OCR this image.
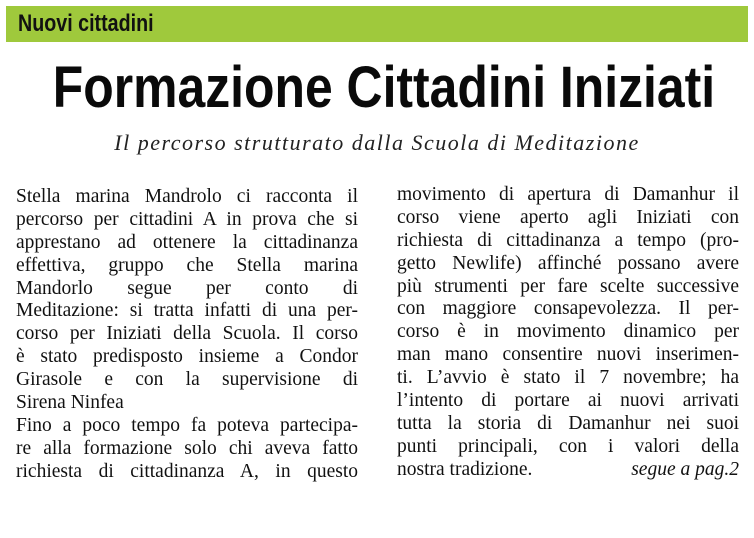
Nuovi cittadini
Formazione Cittadini Iniziati
Il percorso strutturato dalla Scuola di Meditazione
Stella marina Mandrolo ci racconta il
percorso per cittadini A in prova che si
apprestano ad ottenere la cittadinanza
effettiva, gruppo che Stella marina
Mandorlo segue per conto di
Meditazione: si tratta infatti di una per-
corso per Iniziati della Scuola. Il corso
è stato predisposto insieme a Condor
Girasole e con la supervisione di
Sirena Ninfea
Fino a poco tempo fa poteva partecipa-
re alla formazione solo chi aveva fatto
richiesta di cittadinanza A, in questo
movimento di apertura di Damanhur il
corso viene aperto agli Iniziati con
richiesta di cittadinanza a tempo (pro-
getto Newlife) affinché possano avere
più strumenti per fare scelte successive
con maggiore consapevolezza. Il per-
corso è in movimento dinamico per
man mano consentire nuovi inserimen-
ti. L’avvio è stato il 7 novembre; ha
l’intento di portare ai nuovi arrivati
tutta la storia di Damanhur nei suoi
punti principali, con i valori della
nostra tradizione.	segue a pag.2
